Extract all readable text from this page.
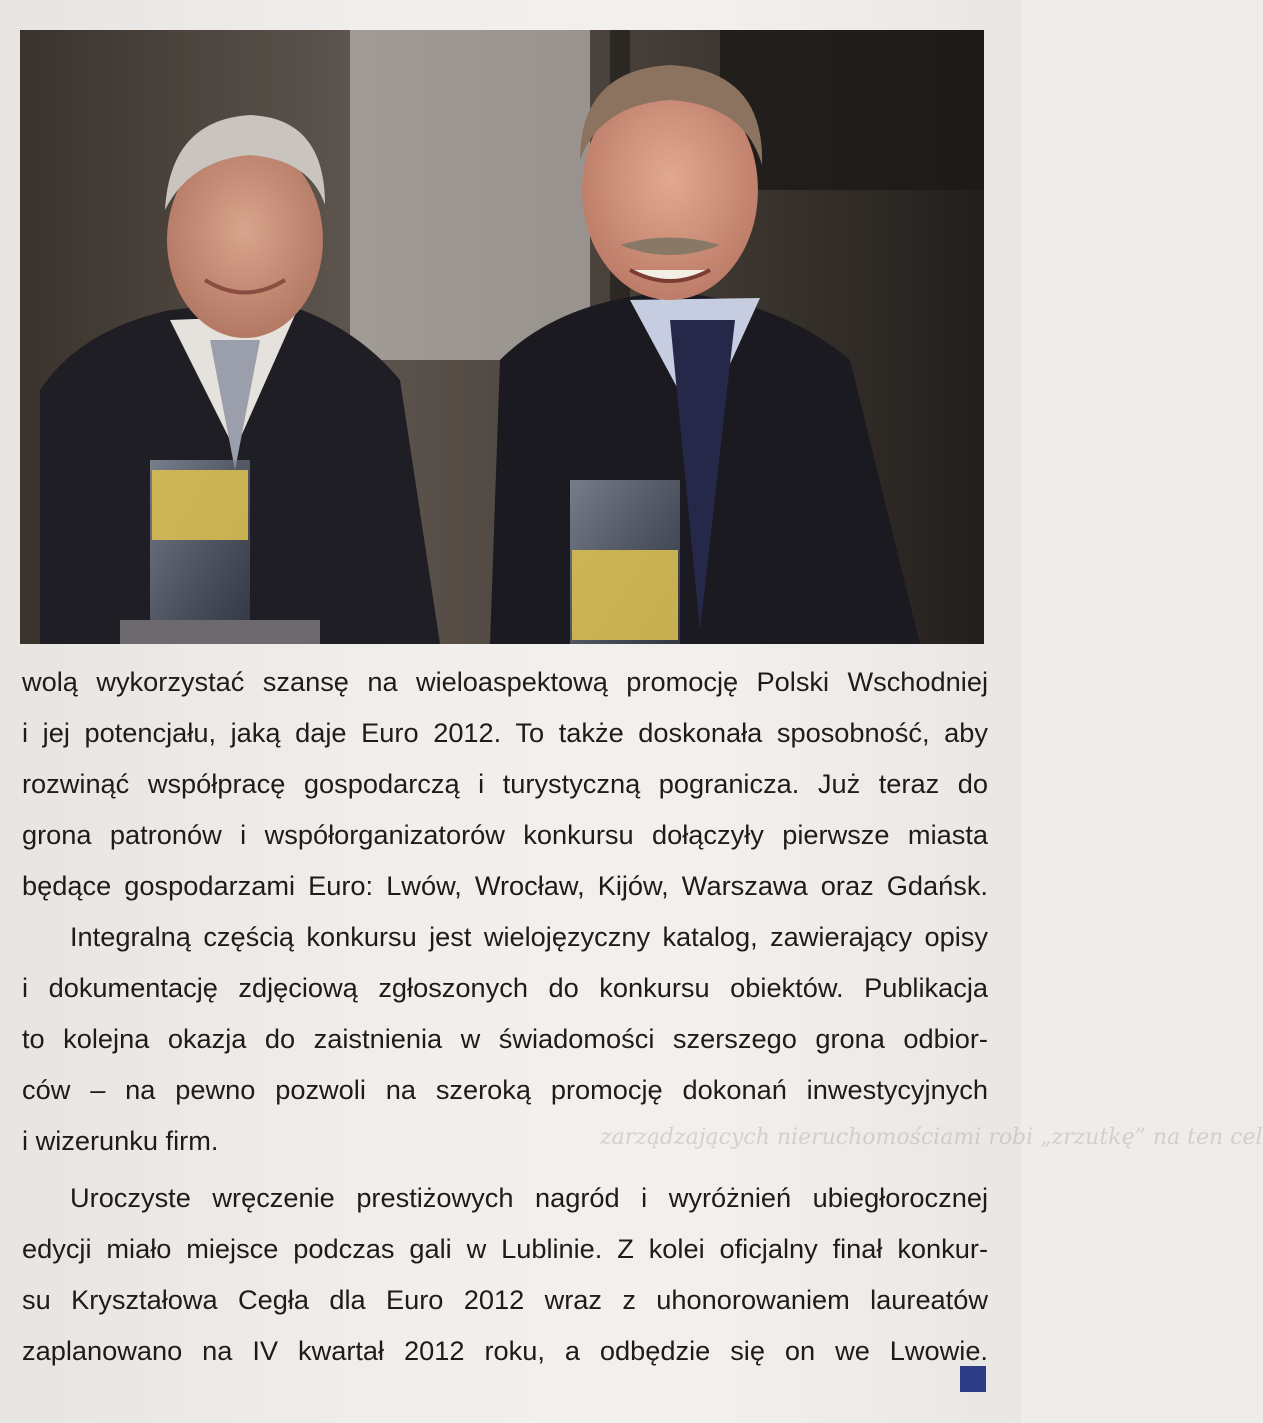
zarządzających nieruchomościami robi „zrzutkę” na ten cel

wolą wykorzystać szansę na wieloaspektową promocję Polski Wschodniej
i jej potencjału, jaką daje Euro 2012. To także doskonała sposobność, aby
rozwinąć współpracę gospodarczą i turystyczną pogranicza. Już teraz do
grona patronów i współorganizatorów konkursu dołączyły pierwsze miasta
będące gospodarzami Euro: Lwów, Wrocław, Kijów, Warszawa oraz Gdańsk.

Integralną częścią konkursu jest wielojęzyczny katalog, zawierający opisy
i dokumentację zdjęciową zgłoszonych do konkursu obiektów. Publikacja
to kolejna okazja do zaistnienia w świadomości szerszego grona odbior-
ców – na pewno pozwoli na szeroką promocję dokonań inwestycyjnych
i wizerunku firm.

Uroczyste wręczenie prestiżowych nagród i wyróżnień ubiegłorocznej
edycji miało miejsce podczas gali w Lublinie. Z kolei oficjalny finał konkur-
su Kryształowa Cegła dla Euro 2012 wraz z uhonorowaniem laureatów
zaplanowano na IV kwartał 2012 roku, a odbędzie się on we Lwowie.
